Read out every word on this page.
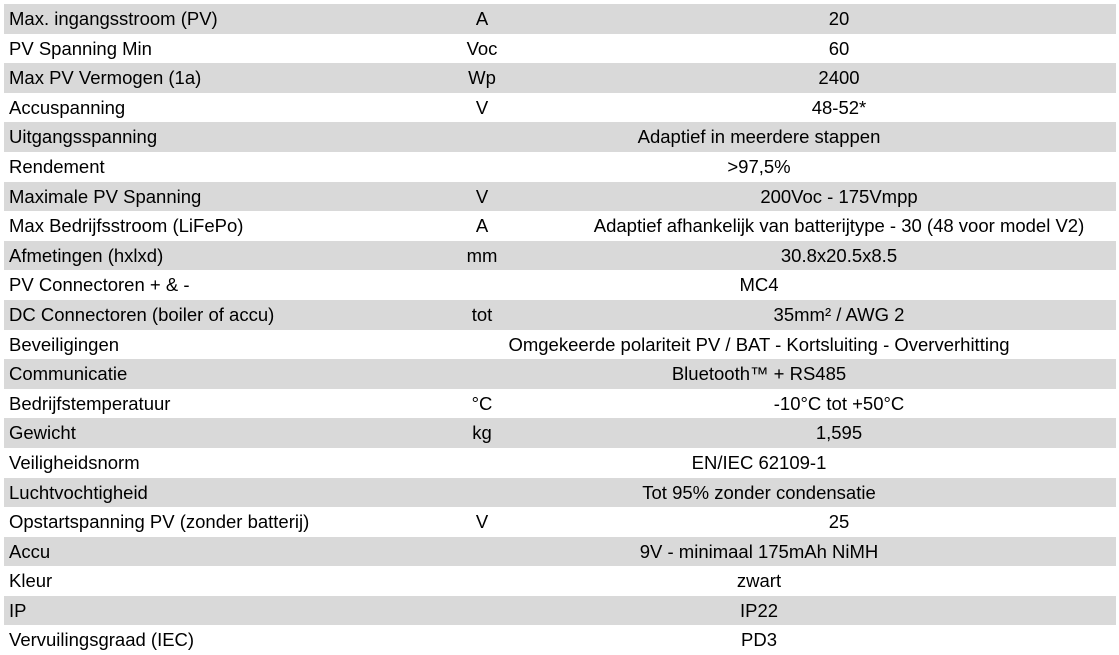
Max. ingangsstroom (PV)	A	20
PV Spanning Min	Voc	60
Max PV Vermogen (1a)	Wp	2400
Accuspanning	V	48-52*
Uitgangsspanning	Adaptief in meerdere stappen	
Rendement	>97,5%	
Maximale PV Spanning	V	200Voc - 175Vmpp
Max Bedrijfsstroom (LiFePo)	A	Adaptief afhankelijk van batterijtype - 30 (48 voor model V2)
Afmetingen (hxlxd)	mm	30.8x20.5x8.5
PV Connectoren + & -	MC4	
DC Connectoren (boiler of accu)	tot	35mm² / AWG 2
Beveiligingen	Omgekeerde polariteit PV / BAT - Kortsluiting - Oververhitting	
Communicatie	Bluetooth™ + RS485	
Bedrijfstemperatuur	°C	-10°C tot +50°C
Gewicht	kg	1,595
Veiligheidsnorm	EN/IEC 62109-1	
Luchtvochtigheid	Tot 95% zonder condensatie	
Opstartspanning PV (zonder batterij)	V	25
Accu	9V - minimaal 175mAh NiMH	
Kleur	zwart	
IP	IP22	
Vervuilingsgraad (IEC)	PD3	
